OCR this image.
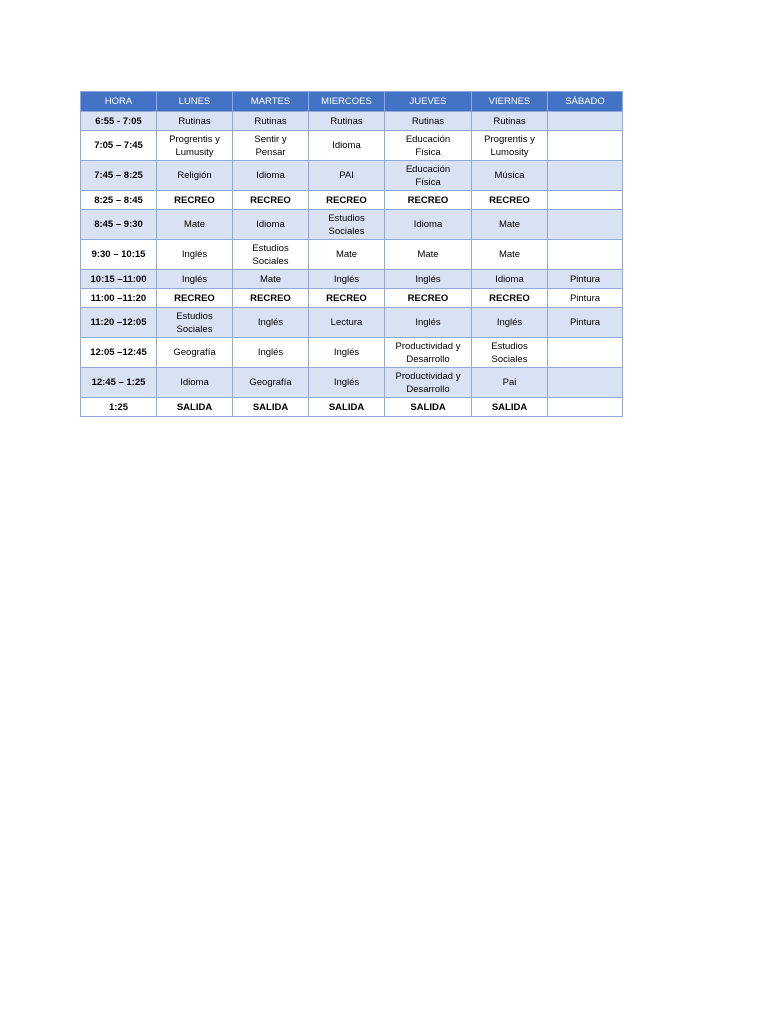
HORA	LUNES	MARTES	MIERCOES	JUEVES	VIERNES	SÁBADO
6:55 - 7:05	Rutinas	Rutinas	Rutinas	Rutinas	Rutinas	
7:05 – 7:45	Progrentis y
Lumusity	Sentir y
Pensar	Idioma	Educación
Física	Progrentis y
Lumosity	
7:45 – 8:25	Religión	Idioma	PAI	Educación
Física	Música	
8:25 – 8:45	RECREO	RECREO	RECREO	RECREO	RECREO	
8:45 – 9:30	Mate	Idioma	Estudios
Sociales	Idioma	Mate	
9:30 – 10:15	Inglés	Estudios
Sociales	Mate	Mate	Mate	
10:15 –11:00	Inglés	Mate	Inglés	Inglés	Idioma	Pintura
11:00 –11:20	RECREO	RECREO	RECREO	RECREO	RECREO	Pintura
11:20 –12:05	Estudios
Sociales	Inglés	Lectura	Inglés	Inglés	Pintura
12:05 –12:45	Geografía	Inglés	Inglés	Productividad y
Desarrollo	Estudios
Sociales	
12:45 – 1:25	Idioma	Geografía	Inglés	Productividad y
Desarrollo	Pai	
1:25	SALIDA	SALIDA	SALIDA	SALIDA	SALIDA	
